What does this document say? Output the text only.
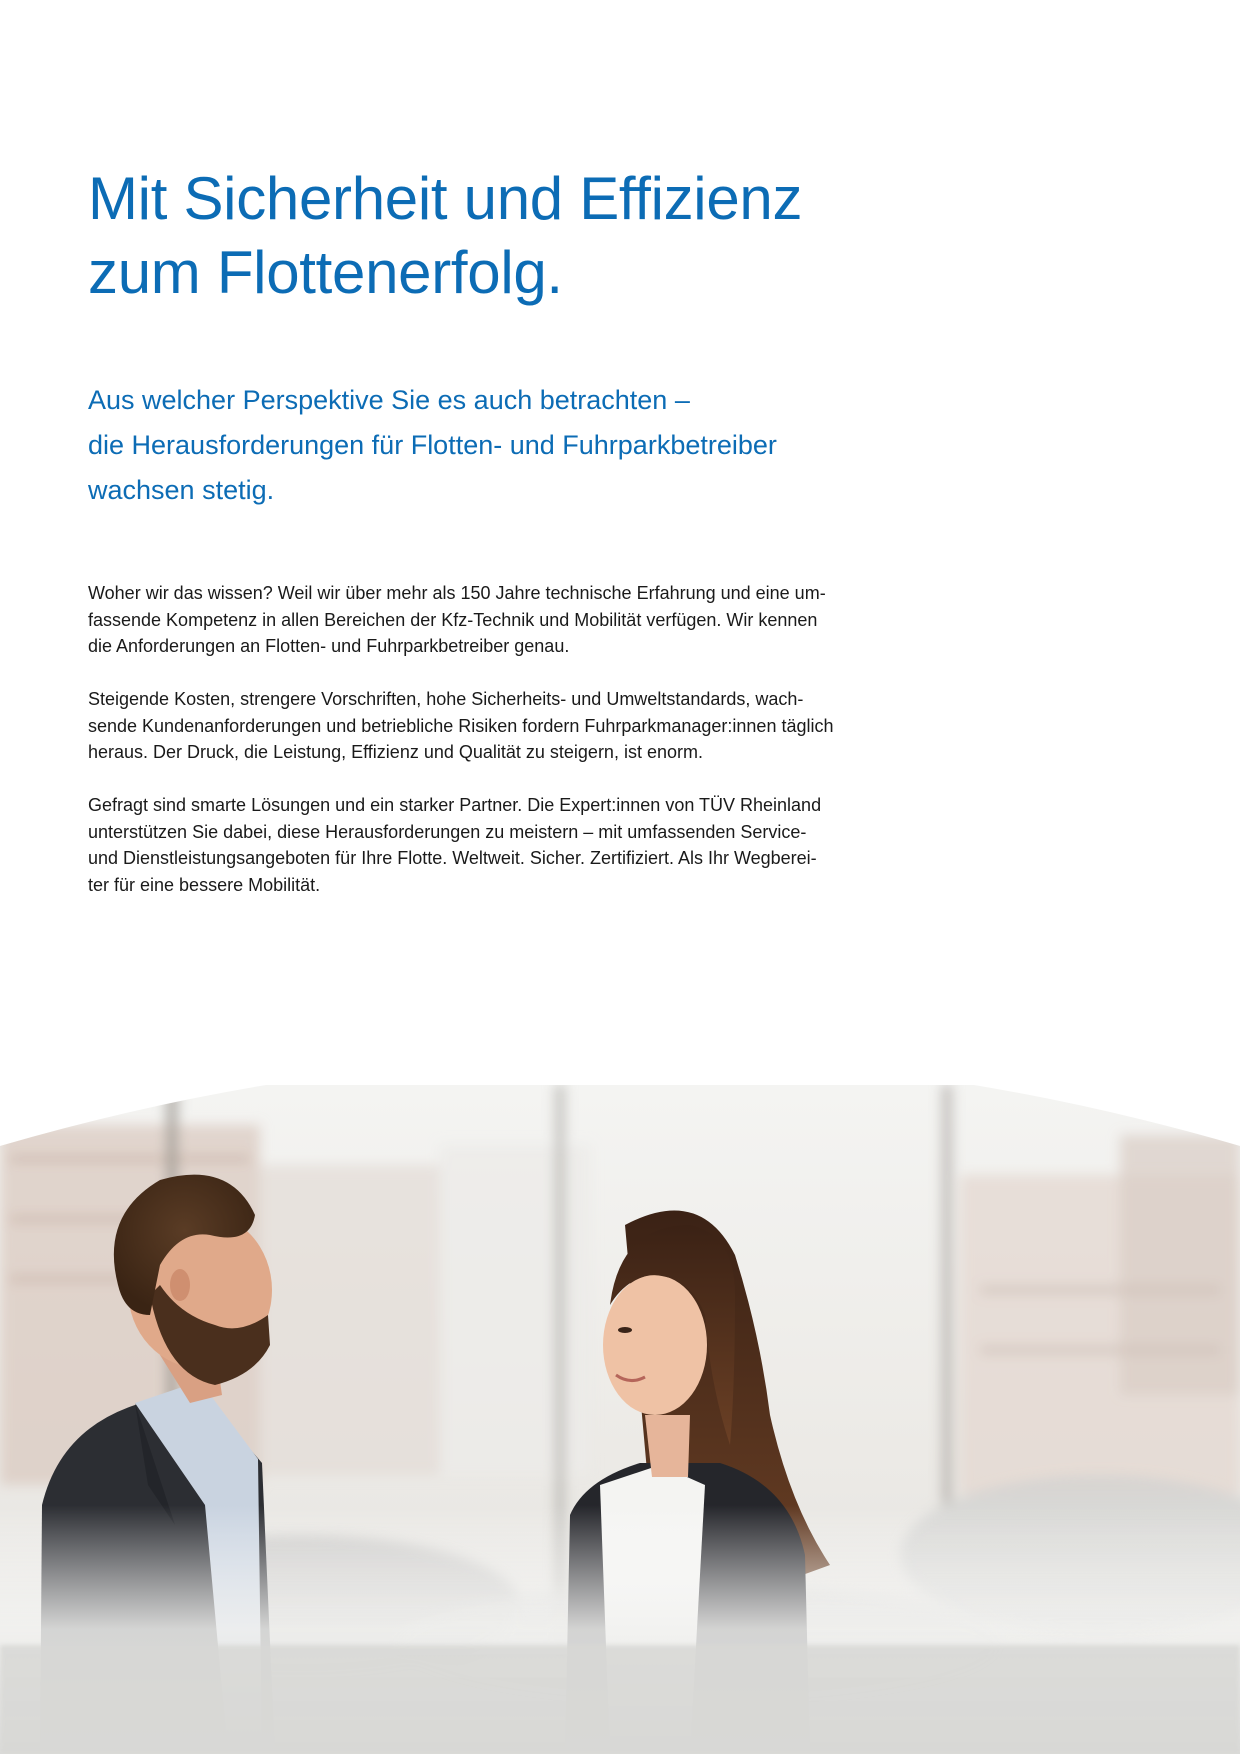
Mit Sicherheit und Effizienz
zum Flottenerfolg.
Aus welcher Perspektive Sie es auch betrachten –
die Herausforderungen für Flotten- und Fuhrparkbetreiber
wachsen stetig.

Woher wir das wissen? Weil wir über mehr als 150 Jahre technische Erfahrung und eine um-
fassende Kompetenz in allen Bereichen der Kfz-Technik und Mobilität verfügen. Wir kennen
die Anforderungen an Flotten- und Fuhrparkbetreiber genau.

Steigende Kosten, strengere Vorschriften, hohe Sicherheits- und Umweltstandards, wach-
sende Kundenanforderungen und betriebliche Risiken fordern Fuhrparkmanager:innen täglich
heraus. Der Druck, die Leistung, Effizienz und Qualität zu steigern, ist enorm.

Gefragt sind smarte Lösungen und ein starker Partner. Die Expert:innen von TÜV Rheinland
unterstützen Sie dabei, diese Herausforderungen zu meistern – mit umfassenden Service-
und Dienstleistungsangeboten für Ihre Flotte. Weltweit. Sicher. Zertifiziert. Als Ihr Wegberei-
ter für eine bessere Mobilität.
